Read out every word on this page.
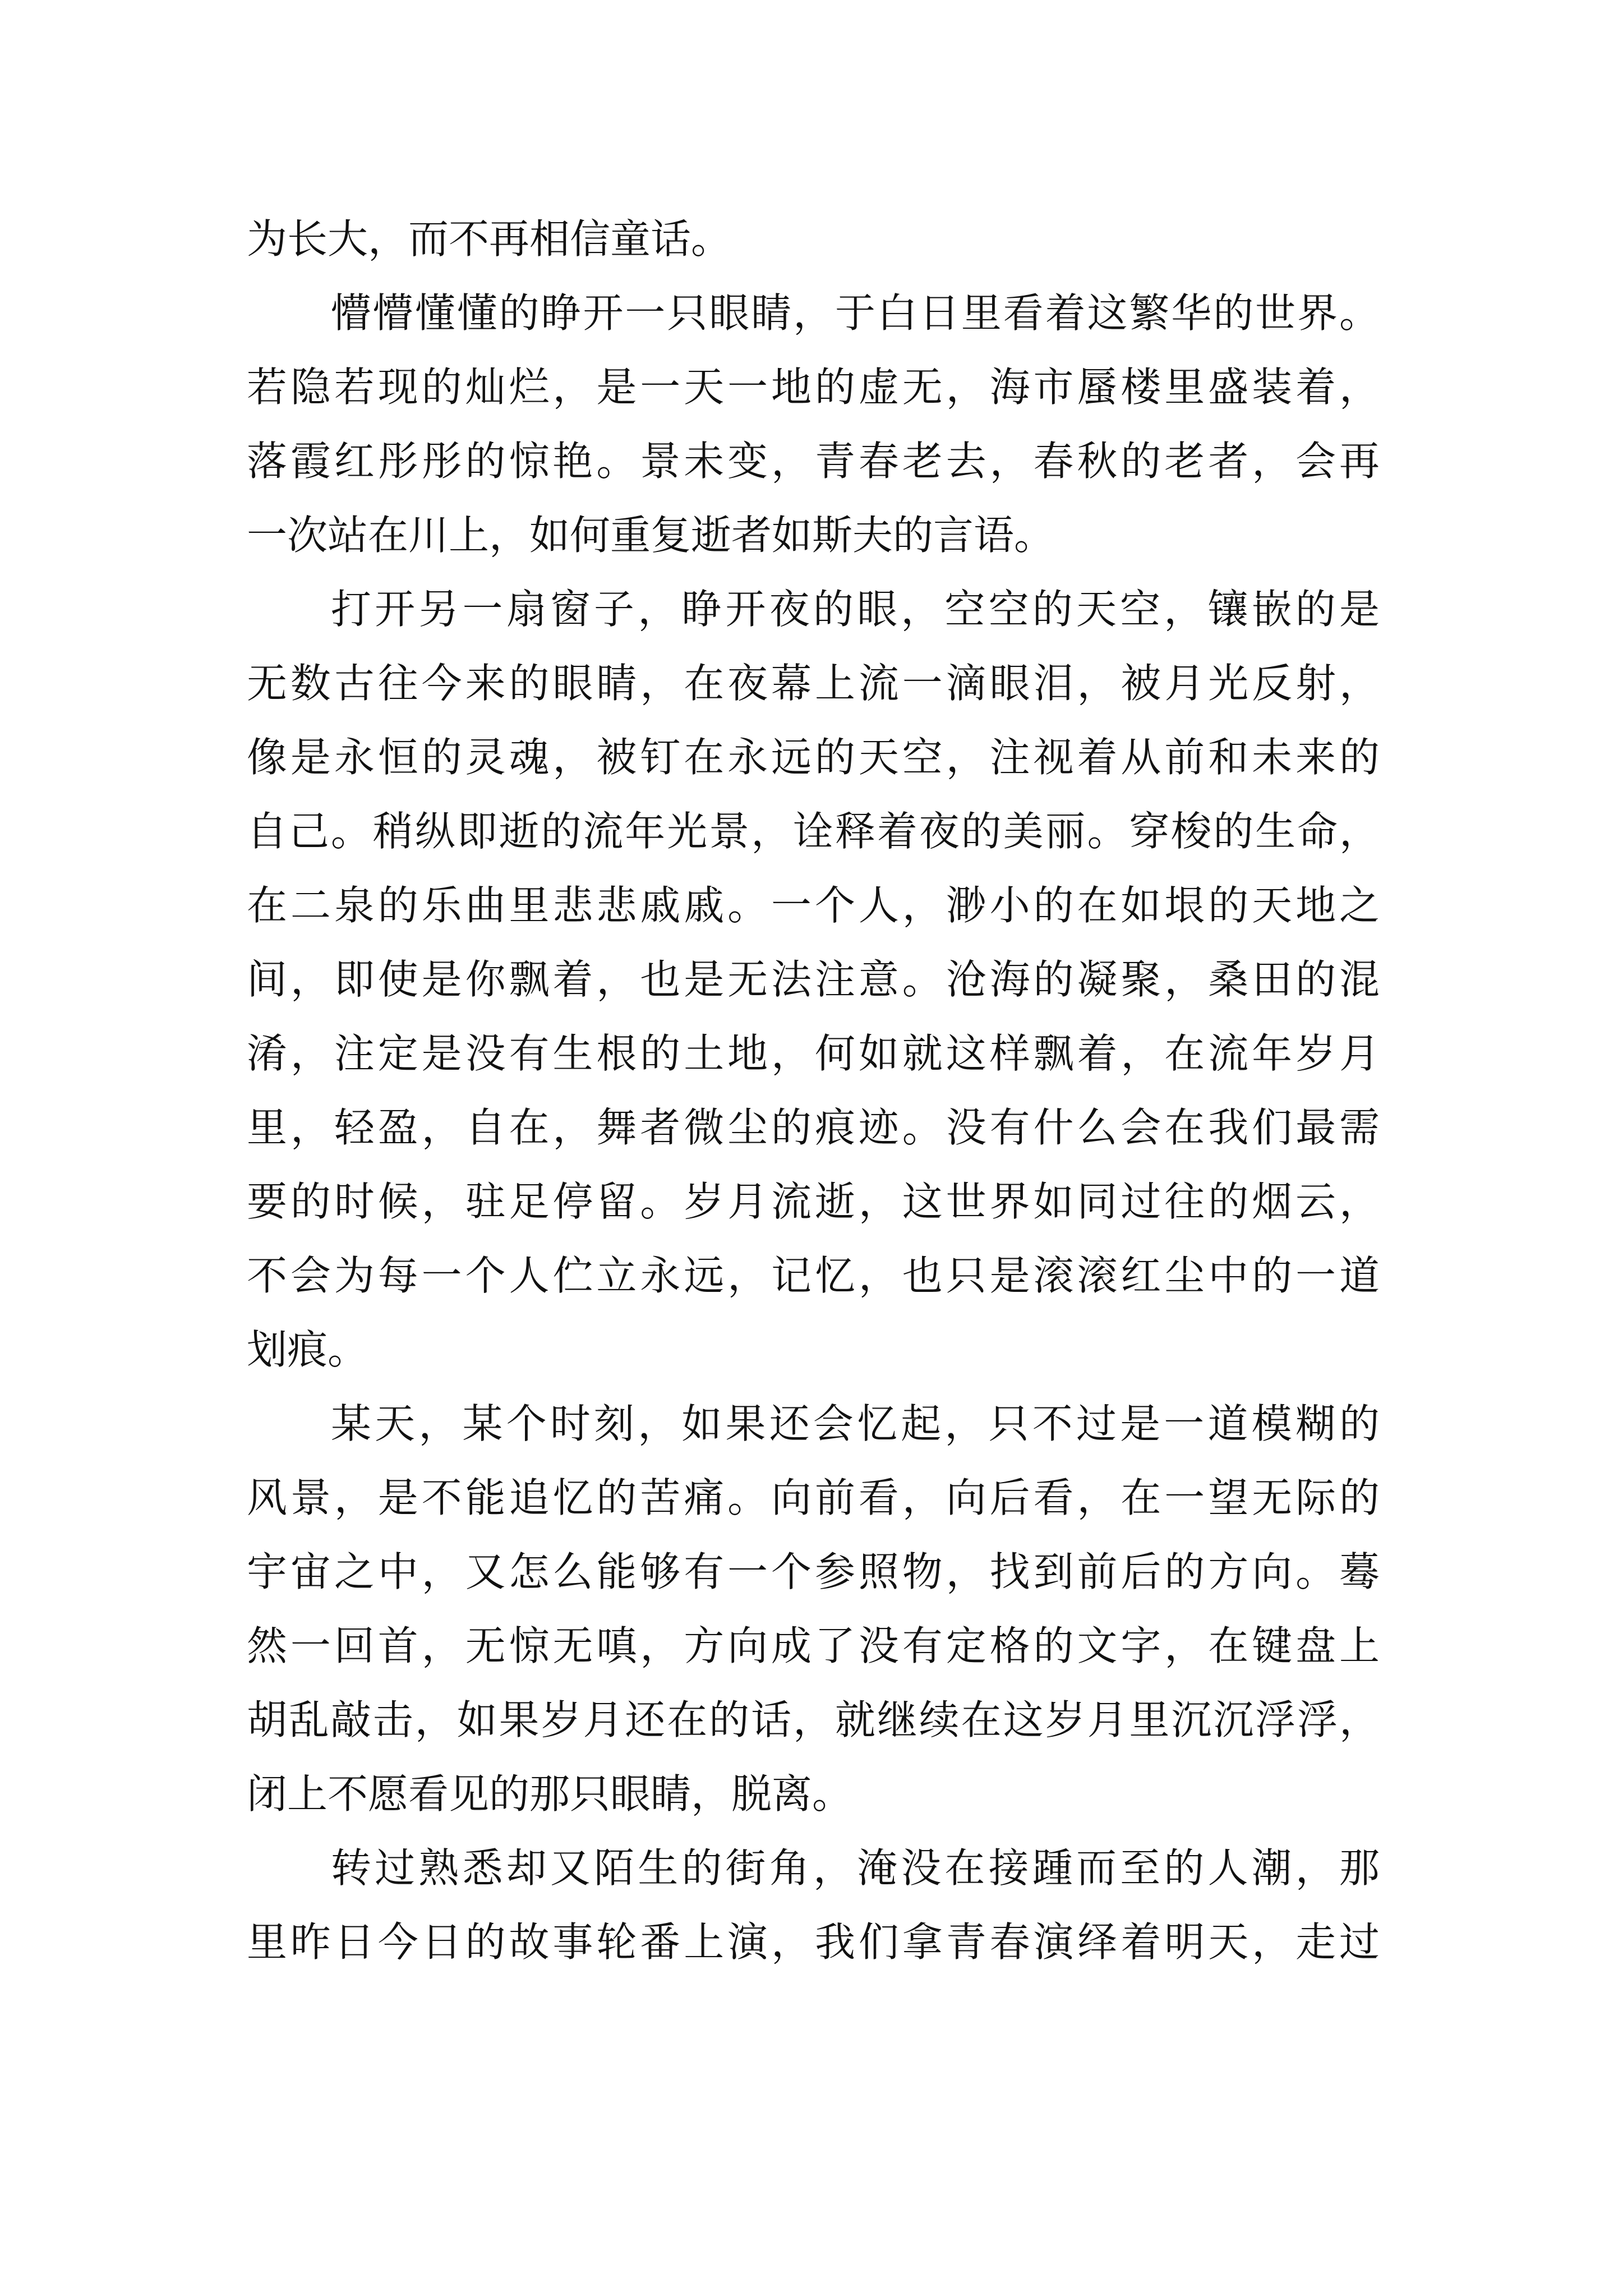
为长大，而不再相信童话。
懵懵懂懂的睁开一只眼睛，于白日里看着这繁华的世界。
若隐若现的灿烂，是一天一地的虚无，海市蜃楼里盛装着，
落霞红彤彤的惊艳。景未变，青春老去，春秋的老者，会再
一次站在川上，如何重复逝者如斯夫的言语。
打开另一扇窗子，睁开夜的眼，空空的天空，镶嵌的是
无数古往今来的眼睛，在夜幕上流一滴眼泪，被月光反射，
像是永恒的灵魂，被钉在永远的天空，注视着从前和未来的
自己。稍纵即逝的流年光景，诠释着夜的美丽。穿梭的生命，
在二泉的乐曲里悲悲戚戚。一个人，渺小的在如垠的天地之
间，即使是你飘着，也是无法注意。沧海的凝聚，桑田的混
淆，注定是没有生根的土地，何如就这样飘着，在流年岁月
里，轻盈，自在，舞者微尘的痕迹。没有什么会在我们最需
要的时候，驻足停留。岁月流逝，这世界如同过往的烟云，
不会为每一个人伫立永远，记忆，也只是滚滚红尘中的一道
划痕。
某天，某个时刻，如果还会忆起，只不过是一道模糊的
风景，是不能追忆的苦痛。向前看，向后看，在一望无际的
宇宙之中，又怎么能够有一个参照物，找到前后的方向。蓦
然一回首，无惊无嗔，方向成了没有定格的文字，在键盘上
胡乱敲击，如果岁月还在的话，就继续在这岁月里沉沉浮浮，
闭上不愿看见的那只眼睛，脱离。
转过熟悉却又陌生的街角，淹没在接踵而至的人潮，那
里昨日今日的故事轮番上演，我们拿青春演绎着明天，走过
